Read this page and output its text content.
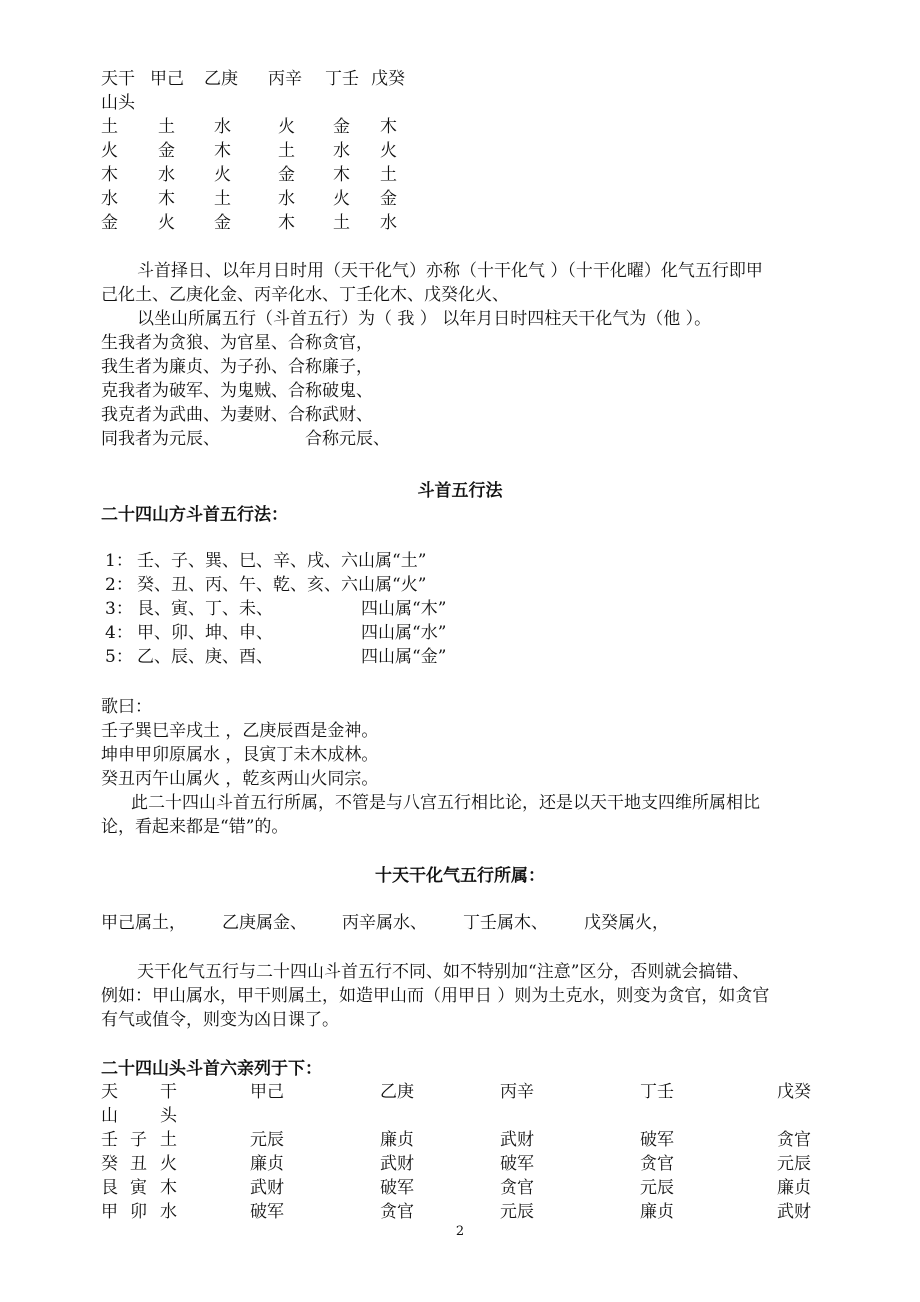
天干 甲己 乙庚 丙辛 丁壬 戊癸
山头
土 土 水	火 金 木
火 金 木	土 水 火
木 水 火	金 木 土
水 木 土	水 火 金
金 火 金	木 土 水
斗首择日、以年月日时用（天干化气）亦称（十干化气 ）（十干化曜）化气五行即甲
己化土、乙庚化金、丙辛化水、丁壬化木、戊癸化火、
以坐山所属五行（斗首五行）为（ 我 ） 以年月日时四柱天干化气为（他 ）。
生我者为贪狼、为官星、合称贪官，
我生者为廉贞、为子孙、合称廉子，
克我者为破军、为鬼贼、合称破鬼、
我克者为武曲、为妻财、合称武财、
同我者为元辰、	合称元辰、
斗首五行法
二十四山方斗首五行法：
1： 壬、子、巽、巳、辛、戌、六山属“土”
2： 癸、丑、丙、午、乾、亥、六山属“火”
3： 艮、寅、丁、未、	四山属“木”
4： 甲、卯、坤、申、	四山属“水”
5： 乙、辰、庚、酉、	四山属“金”
歌曰：
壬子巽巳辛戌土 ，乙庚辰酉是金神。
坤申甲卯原属水 ，艮寅丁未木成林。
癸丑丙午山属火 ，乾亥两山火同宗。
此二十四山斗首五行所属，不管是与八宫五行相比论，还是以天干地支四维所属相比
论，看起来都是“错”的。
十天干化气五行所属：
甲己属土， 乙庚属金、 丙辛属水、 丁壬属木、 戊癸属火，
天干化气五行与二十四山斗首五行不同、如不特别加“注意”区分，否则就会搞错、
例如：甲山属水，甲干则属土，如造甲山而（用甲日 ）则为土克水，则变为贪官，如贪官
有气或值令，则变为凶日课了。
二十四山头斗首六亲列于下：
天 干	甲己	乙庚	丙辛	丁壬	戊癸
山 头
壬 子 土	元辰	廉贞	武财	破军	贪官
癸 丑 火	廉贞	武财	破军	贪官	元辰
艮 寅 木	武财	破军	贪官	元辰	廉贞
甲 卯 水	破军	贪官	元辰	廉贞	武财
2
